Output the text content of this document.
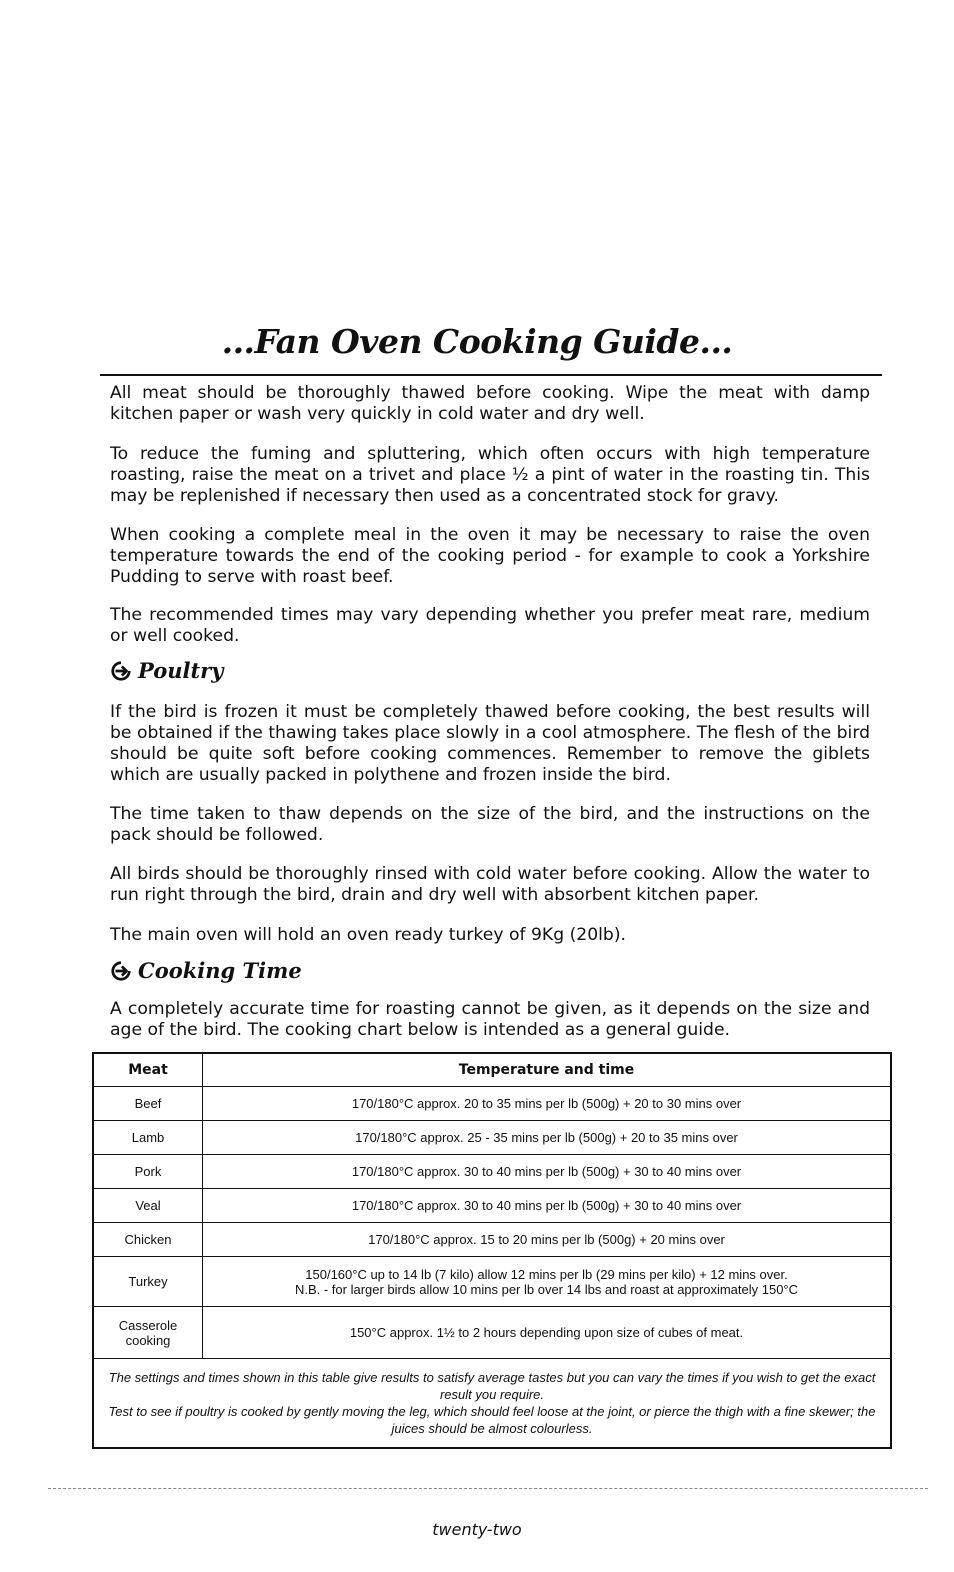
...Fan Oven Cooking Guide...

All meat should be thoroughly thawed before cooking. Wipe the meat with damp kitchen paper or wash very quickly in cold water and dry well.

To reduce the fuming and spluttering, which often occurs with high temperature roasting, raise the meat on a trivet and place ½ a pint of water in the roasting tin. This may be replenished if necessary then used as a concentrated stock for gravy.

When cooking a complete meal in the oven it may be necessary to raise the oven temperature towards the end of the cooking period - for example to cook a Yorkshire Pudding to serve with roast beef.

The recommended times may vary depending whether you prefer meat rare, medium or well cooked.

Poultry

If the bird is frozen it must be completely thawed before cooking, the best results will be obtained if the thawing takes place slowly in a cool atmosphere. The flesh of the bird should be quite soft before cooking commences. Remember to remove the giblets which are usually packed in polythene and frozen inside the bird.

The time taken to thaw depends on the size of the bird, and the instructions on the pack should be followed.

All birds should be thoroughly rinsed with cold water before cooking. Allow the water to run right through the bird, drain and dry well with absorbent kitchen paper.

The main oven will hold an oven ready turkey of 9Kg (20lb).

Cooking Time

A completely accurate time for roasting cannot be given, as it depends on the size and age of the bird. The cooking chart below is intended as a general guide.

Meat	Temperature and time
Beef	170/180°C approx. 20 to 35 mins per lb (500g) + 20 to 30 mins over
Lamb	170/180°C approx. 25 - 35 mins per lb (500g) + 20 to 35 mins over
Pork	170/180°C approx. 30 to 40 mins per lb (500g) + 30 to 40 mins over
Veal	170/180°C approx. 30 to 40 mins per lb (500g) + 30 to 40 mins over
Chicken	170/180°C approx. 15 to 20 mins per lb (500g) + 20 mins over
Turkey	150/160°C up to 14 lb (7 kilo) allow 12 mins per lb (29 mins per kilo) + 12 mins over.
N.B. - for larger birds allow 10 mins per lb over 14 lbs and roast at approximately 150°C

Casserole cooking	150°C approx. 1½ to 2 hours depending upon size of cubes of meat.

The settings and times shown in this table give results to satisfy average tastes but you can vary the times if you wish to get the exact result you require.
Test to see if poultry is cooked by gently moving the leg, which should feel loose at the joint, or pierce the thigh with a fine skewer; the juices should be almost colourless.	

twenty-two
